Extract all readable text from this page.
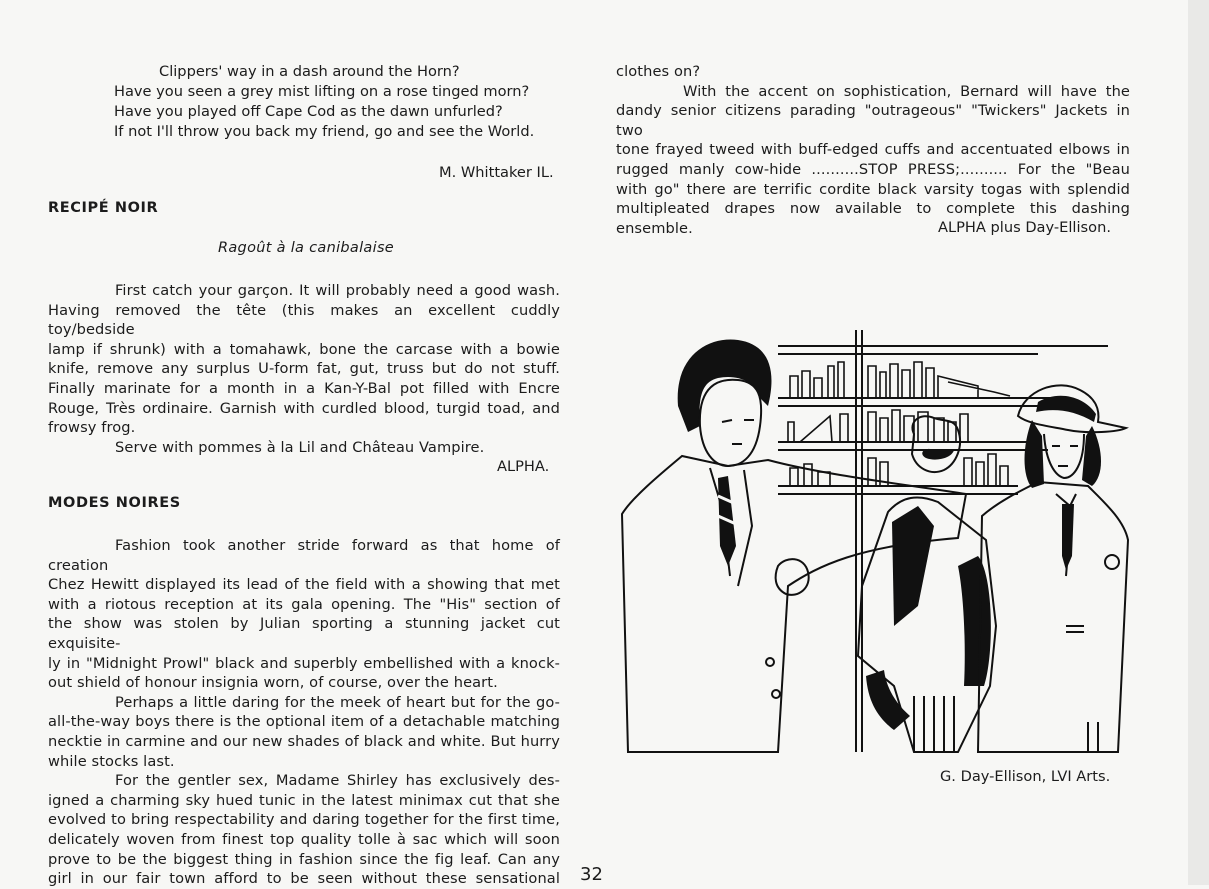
Clippers' way in a dash around the Horn?
Have you seen a grey mist lifting on a rose tinged morn?
Have you played off Cape Cod as the dawn unfurled?
If not I'll throw you back my friend, go and see the World.
M. Whittaker IL.
RECIPÉ NOIR
Ragoût à la canibalaise

First catch your garçon. It will probably need a good wash.

Having removed the tête (this makes an excellent cuddly toy/bedside

lamp if shrunk) with a tomahawk, bone the carcase with a bowie

knife, remove any surplus U-form fat, gut, truss but do not stuff.

Finally marinate for a month in a Kan-Y-Bal pot filled with Encre

Rouge, Très ordinaire. Garnish with curdled blood, turgid toad, and

frowsy frog.

Serve with pommes à la Lil and Château Vampire.

ALPHA.
MODES NOIRES

Fashion took another stride forward as that home of creation

Chez Hewitt displayed its lead of the field with a showing that met

with a riotous reception at its gala opening. The "His" section of

the show was stolen by Julian sporting a stunning jacket cut exquisite-

ly in "Midnight Prowl" black and superbly embellished with a knock-

out shield of honour insignia worn, of course, over the heart.

Perhaps a little daring for the meek of heart but for the go-

all-the-way boys there is the optional item of a detachable matching

necktie in carmine and our new shades of black and white. But hurry

while stocks last.

For the gentler sex, Madame Shirley has exclusively des-

igned a charming sky hued tunic in the latest minimax cut that she

evolved to bring respectability and daring together for the first time,

delicately woven from finest top quality tolle à sac which will soon

prove to be the biggest thing in fashion since the fig leaf. Can any

girl in our fair town afford to be seen without these sensational

clothes on?

With the accent on sophistication, Bernard will have the

dandy senior citizens parading "outrageous" "Twickers" Jackets in two

tone frayed tweed with buff-edged cuffs and accentuated elbows in

rugged manly cow-hide ..........STOP PRESS;.......... For the "Beau

with go" there are terrific cordite black varsity togas with splendid

multipleated drapes now available to complete this dashing ensemble.	ALPHA plus Day-Ellison.
G. Day-Ellison, LVI Arts.
32
